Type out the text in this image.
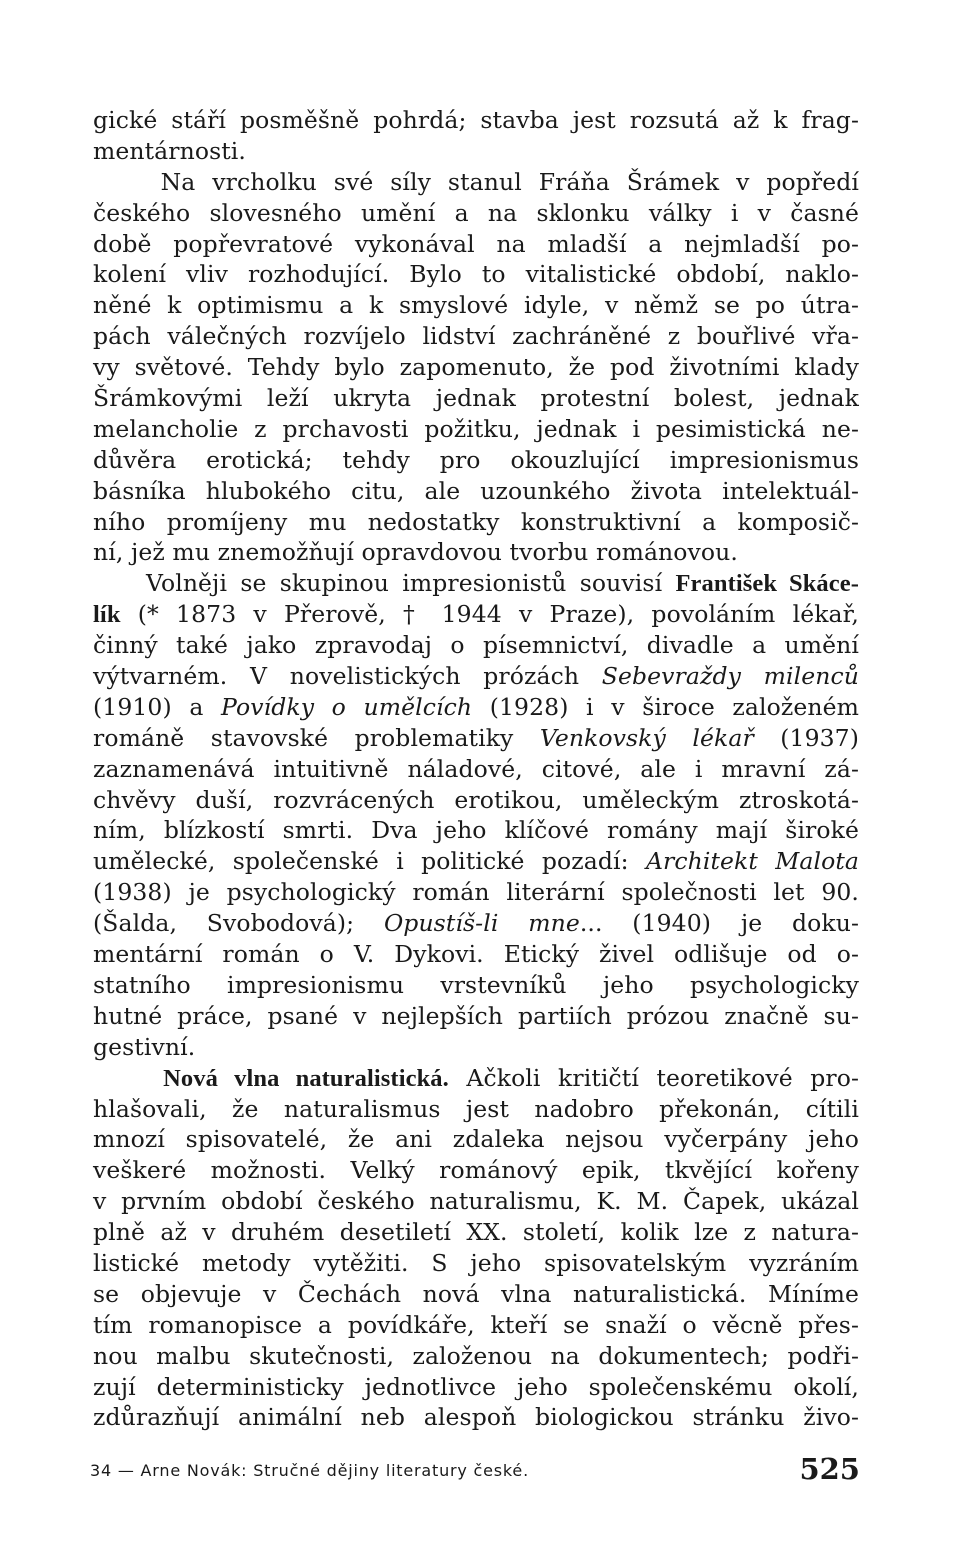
gické stáří posměšně pohrdá; stavba jest rozsutá až k frag-
mentárnosti.
Na vrcholku své síly stanul Fráňa Šrámek v popředí
českého slovesného umění a na sklonku války i v časné
době popřevratové vykonával na mladší a nejmladší po-
kolení vliv rozhodující. Bylo to vitalistické období, naklo-
něné k optimismu a k smyslové idyle, v němž se po útra-
pách válečných rozvíjelo lidství zachráněné z bouřlivé vřa-
vy světové. Tehdy bylo zapomenuto, že pod životními klady
Šrámkovými leží ukryta jednak protestní bolest, jednak
melancholie z prchavosti požitku, jednak i pesimistická ne-
důvěra erotická; tehdy pro okouzlující impresionismus
básníka hlubokého citu, ale uzounkého života intelektuál-
ního promíjeny mu nedostatky konstruktivní a komposič-
ní, jež mu znemožňují opravdovou tvorbu románovou.
Volněji se skupinou impresionistů souvisí František Skáce-
lík (* 1873 v Přerově, † 1944 v Praze), povoláním lékař,
činný také jako zpravodaj o písemnictví, divadle a umění
výtvarném. V novelistických prózách Sebevraždy milenců
(1910) a Povídky o umělcích (1928) i v široce založeném
románě stavovské problematiky Venkovský lékař (1937)
zaznamenává intuitivně náladové, citové, ale i mravní zá-
chvěvy duší, rozvrácených erotikou, uměleckým ztroskotá-
ním, blízkostí smrti. Dva jeho klíčové romány mají široké
umělecké, společenské i politické pozadí: Architekt Malota
(1938) je psychologický román literární společnosti let 90.
(Šalda, Svobodová); Opustíš-li mne... (1940) je doku-
mentární román o V. Dykovi. Etický živel odlišuje od o-
statního impresionismu vrstevníků jeho psychologicky
hutné práce, psané v nejlepších partiích prózou značně su-
gestivní.
Nová vlna naturalistická. Ačkoli kritičtí teoretikové pro-
hlašovali, že naturalismus jest nadobro překonán, cítili
mnozí spisovatelé, že ani zdaleka nejsou vyčerpány jeho
veškeré možnosti. Velký románový epik, tkvějící kořeny
v prvním období českého naturalismu, K. M. Čapek, ukázal
plně až v druhém desetiletí XX. století, kolik lze z natura-
listické metody vytěžiti. S jeho spisovatelským vyzráním
se objevuje v Čechách nová vlna naturalistická. Míníme
tím romanopisce a povídkáře, kteří se snaží o věcně přes-
nou malbu skutečnosti, založenou na dokumentech; podři-
zují deterministicky jednotlivce jeho společenskému okolí,
zdůrazňují animální neb alespoň biologickou stránku živo-
34 — Arne Novák: Stručné dějiny literatury české.	525
